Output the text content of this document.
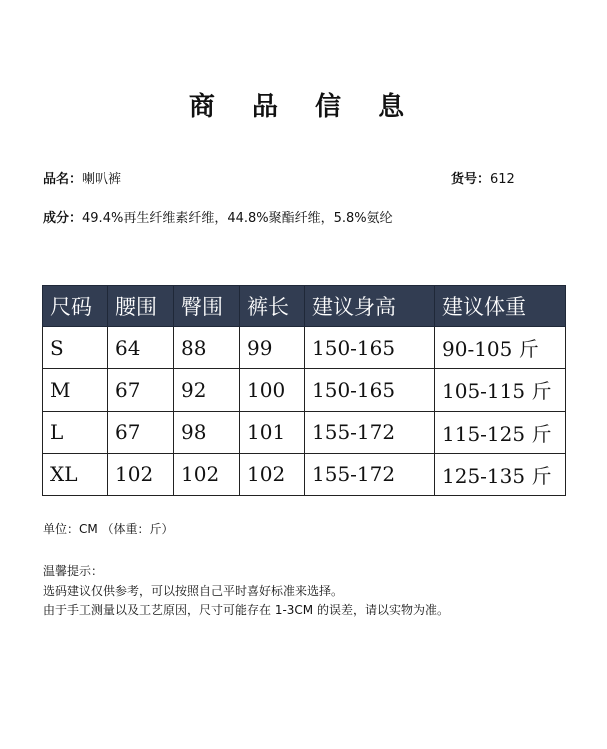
商 品 信 息
品名：喇叭裤	货号：612
成分：49.4%再生纤维素纤维，44.8%聚酯纤维，5.8%氨纶
尺码	腰围	臀围	裤长	建议身高	建议体重
S	64	88	99	150-165	90-105 斤
M	67	92	100	150-165	105-115 斤
L	67	98	101	155-172	115-125 斤
XL	102	102	102	155-172	125-135 斤
单位：CM （体重：斤）
温馨提示：
选码建议仅供参考，可以按照自己平时喜好标准来选择。
由于手工测量以及工艺原因，尺寸可能存在 1-3CM 的误差，请以实物为准。
